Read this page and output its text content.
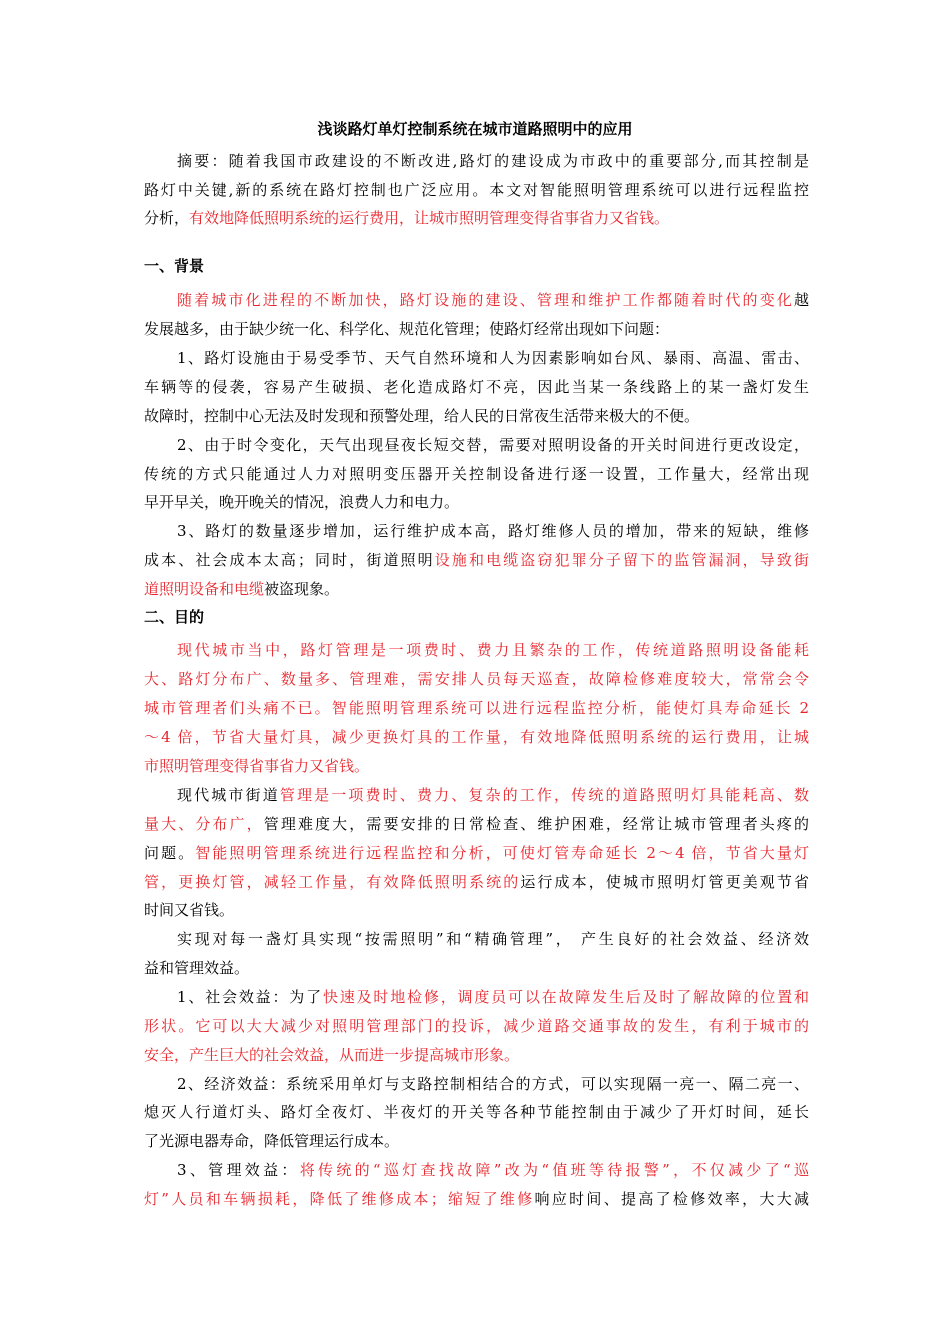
浅谈路灯单灯控制系统在城市道路照明中的应用
摘要：随着我国市政建设的不断改进,路灯的建设成为市政中的重要部分,而其控制是
路灯中关键,新的系统在路灯控制也广泛应用。本文对智能照明管理系统可以进行远程监控
分析，有效地降低照明系统的运行费用，让城市照明管理变得省事省力又省钱。
一、背景
随着城市化进程的不断加快，路灯设施的建设、管理和维护工作都随着时代的变化越
发展越多，由于缺少统一化、科学化、规范化管理；使路灯经常出现如下问题：
1、路灯设施由于易受季节、天气自然环境和人为因素影响如台风、暴雨、高温、雷击、
车辆等的侵袭，容易产生破损、老化造成路灯不亮，因此当某一条线路上的某一盏灯发生
故障时，控制中心无法及时发现和预警处理，给人民的日常夜生活带来极大的不便。
2、由于时令变化，天气出现昼夜长短交替，需要对照明设备的开关时间进行更改设定，
传统的方式只能通过人力对照明变压器开关控制设备进行逐一设置，工作量大，经常出现
早开早关，晚开晚关的情况，浪费人力和电力。
3、路灯的数量逐步增加，运行维护成本高，路灯维修人员的增加，带来的短缺，维修
成本、社会成本太高；同时，街道照明设施和电缆盗窃犯罪分子留下的监管漏洞，导致街
道照明设备和电缆被盗现象。
二、目的
现代城市当中，路灯管理是一项费时、费力且繁杂的工作，传统道路照明设备能耗
大、路灯分布广、数量多、管理难，需安排人员每天巡查，故障检修难度较大，常常会令
城市管理者们头痛不已。智能照明管理系统可以进行远程监控分析，能使灯具寿命延长 2
～4 倍，节省大量灯具，减少更换灯具的工作量，有效地降低照明系统的运行费用，让城
市照明管理变得省事省力又省钱。
现代城市街道管理是一项费时、费力、复杂的工作，传统的道路照明灯具能耗高、数
量大、分布广，管理难度大，需要安排的日常检查、维护困难，经常让城市管理者头疼的
问题。智能照明管理系统进行远程监控和分析，可使灯管寿命延长 2～4 倍，节省大量灯
管，更换灯管，减轻工作量，有效降低照明系统的运行成本，使城市照明灯管更美观节省
时间又省钱。
实现对每一盏灯具实现“按需照明”和“精确管理”， 产生良好的社会效益、经济效
益和管理效益。
1、社会效益：为了快速及时地检修，调度员可以在故障发生后及时了解故障的位置和
形状。它可以大大减少对照明管理部门的投诉，减少道路交通事故的发生，有利于城市的
安全，产生巨大的社会效益，从而进一步提高城市形象。
2、经济效益：系统采用单灯与支路控制相结合的方式，可以实现隔一亮一、隔二亮一、
熄灭人行道灯头、路灯全夜灯、半夜灯的开关等各种节能控制由于减少了开灯时间，延长
了光源电器寿命，降低管理运行成本。
3、管理效益：将传统的“巡灯查找故障”改为“值班等待报警”，不仅减少了“巡
灯”人员和车辆损耗，降低了维修成本；缩短了维修响应时间、提高了检修效率，大大减
